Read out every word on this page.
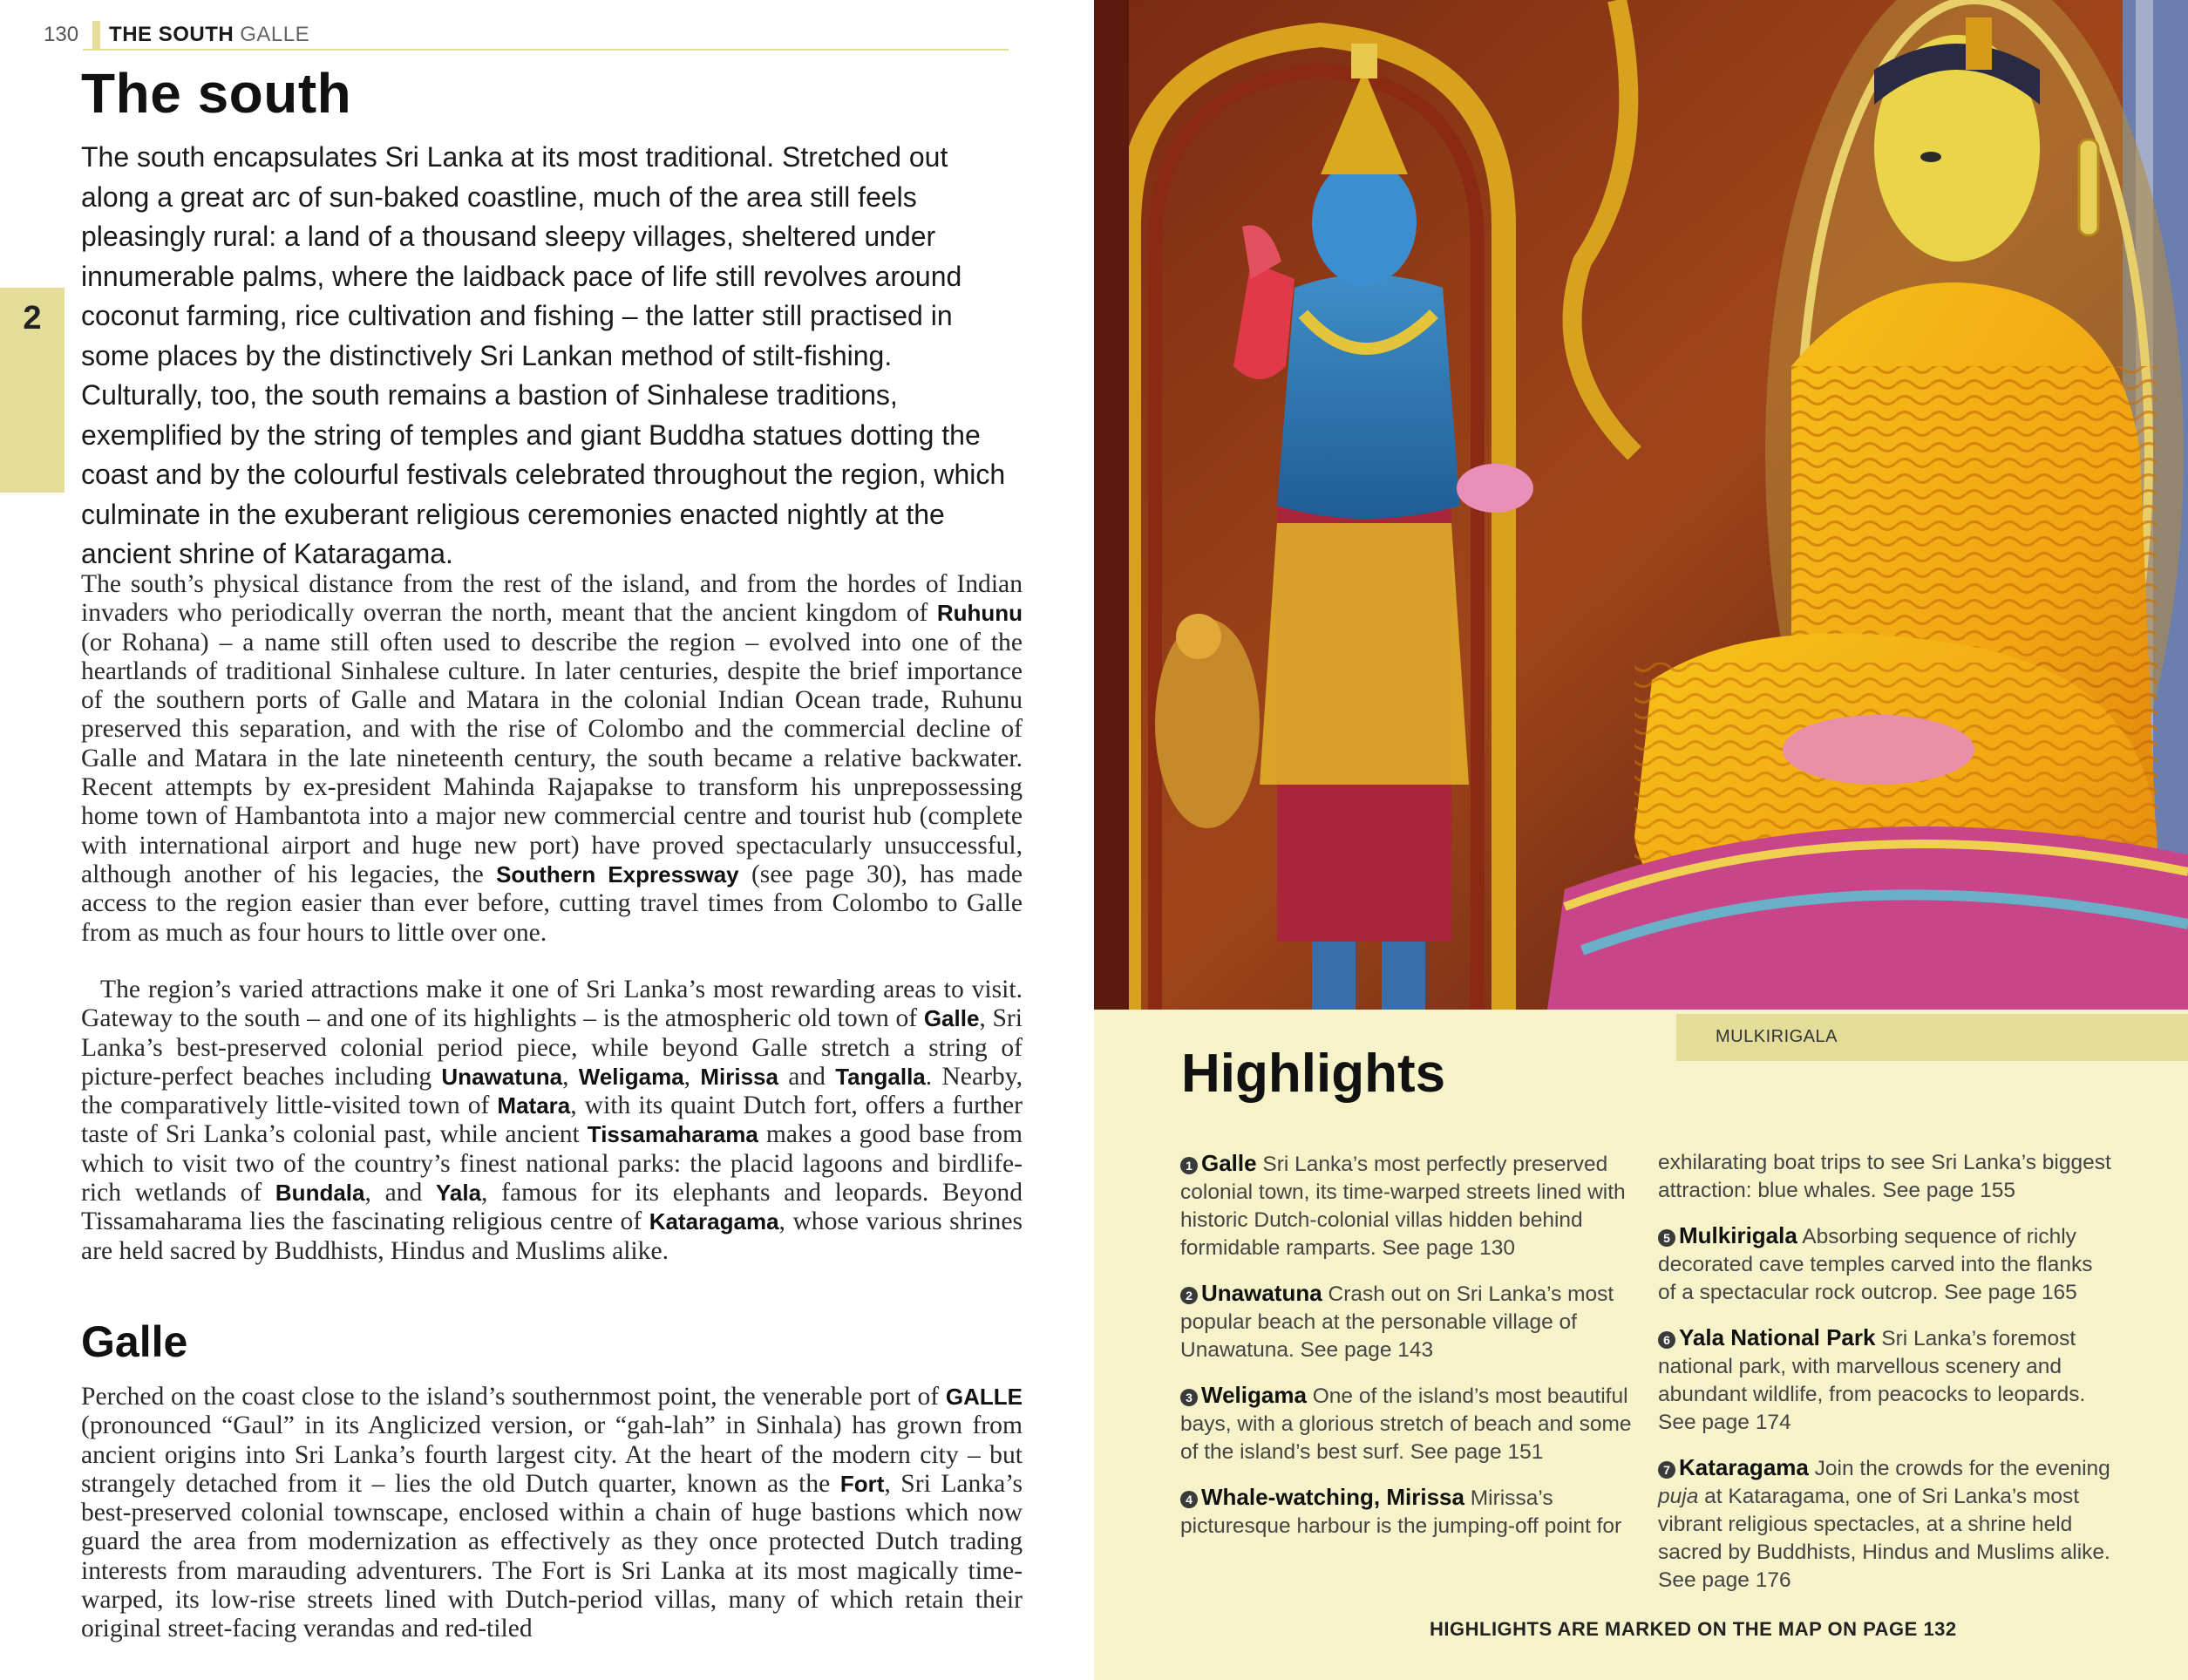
130 THE SOUTH GALLE
2
The south

The south encapsulates Sri Lanka at its most traditional. Stretched out along a great arc of sun-baked coastline, much of the area still feels pleasingly rural: a land of a thousand sleepy villages, sheltered under innumerable palms, where the laidback pace of life still revolves around coconut farming, rice cultivation and fishing – the latter still practised in some places by the distinctively Sri Lankan method of stilt-fishing. Culturally, too, the south remains a bastion of Sinhalese traditions, exemplified by the string of temples and giant Buddha statues dotting the coast and by the colourful festivals celebrated throughout the region, which culminate in the exuberant religious ceremonies enacted nightly at the ancient shrine of Kataragama.

The south’s physical distance from the rest of the island, and from the hordes of Indian invaders who periodically overran the north, meant that the ancient kingdom of Ruhunu (or Rohana) – a name still often used to describe the region – evolved into one of the heartlands of traditional Sinhalese culture. In later centuries, despite the brief importance of the southern ports of Galle and Matara in the colonial Indian Ocean trade, Ruhunu preserved this separation, and with the rise of Colombo and the commercial decline of Galle and Matara in the late nineteenth century, the south became a relative backwater. Recent attempts by ex-president Mahinda Rajapakse to transform his unprepossessing home town of Hambantota into a major new commercial centre and tourist hub (complete with international airport and huge new port) have proved spectacularly unsuccessful, although another of his legacies, the Southern Expressway (see page 30), has made access to the region easier than ever before, cutting travel times from Colombo to Galle from as much as four hours to little over one.

The region’s varied attractions make it one of Sri Lanka’s most rewarding areas to visit. Gateway to the south – and one of its highlights – is the atmospheric old town of Galle, Sri Lanka’s best-preserved colonial period piece, while beyond Galle stretch a string of picture-perfect beaches including Unawatuna, Weligama, Mirissa and Tangalla. Nearby, the comparatively little-visited town of Matara, with its quaint Dutch fort, offers a further taste of Sri Lanka’s colonial past, while ancient Tissamaharama makes a good base from which to visit two of the country’s finest national parks: the placid lagoons and birdlife-rich wetlands of Bundala, and Yala, famous for its elephants and leopards. Beyond Tissamaharama lies the fascinating religious centre of Kataragama, whose various shrines are held sacred by Buddhists, Hindus and Muslims alike.

Galle

Perched on the coast close to the island’s southernmost point, the venerable port of GALLE (pronounced “Gaul” in its Anglicized version, or “gah-lah” in Sinhala) has grown from ancient origins into Sri Lanka’s fourth largest city. At the heart of the modern city – but strangely detached from it – lies the old Dutch quarter, known as the Fort, Sri Lanka’s best-preserved colonial townscape, enclosed within a chain of huge bastions which now guard the area from modernization as effectively as they once protected Dutch trading interests from marauding adventurers. The Fort is Sri Lanka at its most magically time-warped, its low-rise streets lined with Dutch-period villas, many of which retain their original street-facing verandas and red-tiled

MULKIRIGALA
Highlights

1 Galle Sri Lanka’s most perfectly preserved colonial town, its time-warped streets lined with historic Dutch-colonial villas hidden behind formidable ramparts. See page 130

2 Unawatuna Crash out on Sri Lanka’s most popular beach at the personable village of Unawatuna. See page 143

3 Weligama One of the island’s most beautiful bays, with a glorious stretch of beach and some of the island’s best surf. See page 151

4 Whale-watching, Mirissa Mirissa’s picturesque harbour is the jumping-off point for

exhilarating boat trips to see Sri Lanka’s biggest attraction: blue whales. See page 155

5 Mulkirigala Absorbing sequence of richly decorated cave temples carved into the flanks of a spectacular rock outcrop. See page 165

6 Yala National Park Sri Lanka’s foremost national park, with marvellous scenery and abundant wildlife, from peacocks to leopards. See page 174

7 Kataragama Join the crowds for the evening puja at Kataragama, one of Sri Lanka’s most vibrant religious spectacles, at a shrine held sacred by Buddhists, Hindus and Muslims alike. See page 176

HIGHLIGHTS ARE MARKED ON THE MAP ON PAGE 132
